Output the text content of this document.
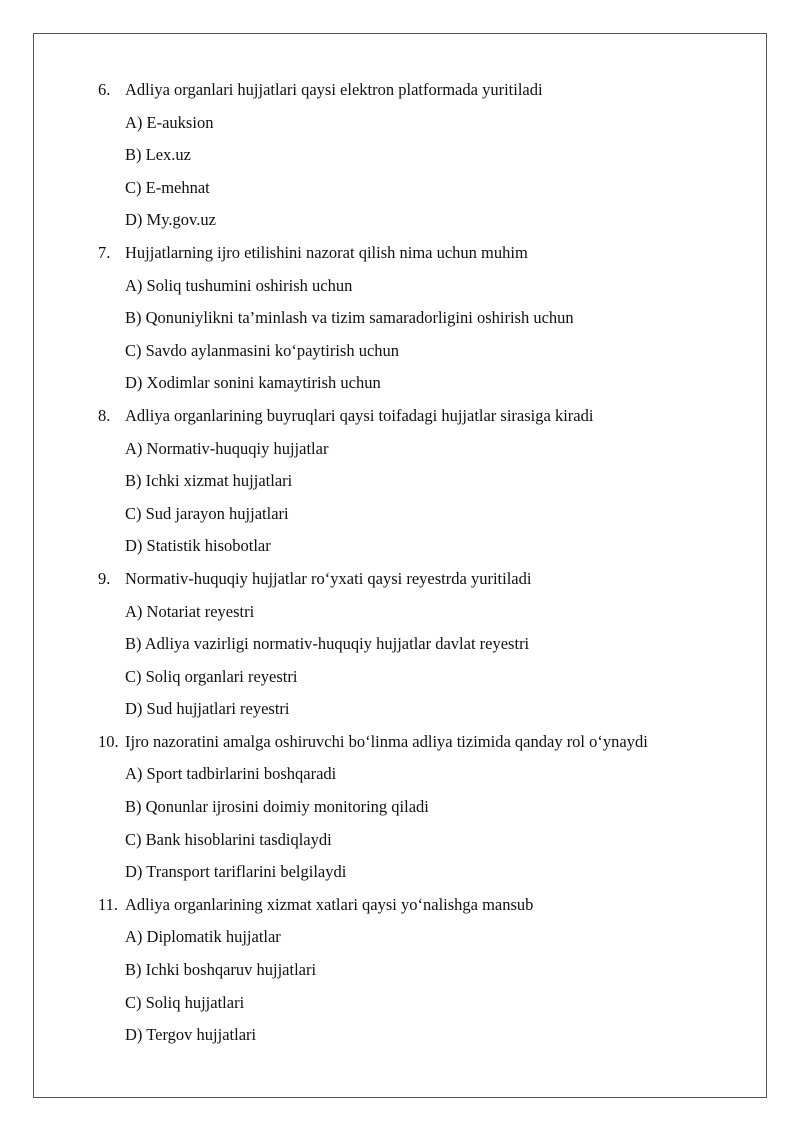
6. Adliya organlari hujjatlari qaysi elektron platformada yuritiladi
A) E-auksion
B) Lex.uz
C) E-mehnat
D) My.gov.uz
7. Hujjatlarning ijro etilishini nazorat qilish nima uchun muhim
A) Soliq tushumini oshirish uchun
B) Qonuniylikni ta’minlash va tizim samaradorligini oshirish uchun
C) Savdo aylanmasini ko‘paytirish uchun
D) Xodimlar sonini kamaytirish uchun
8. Adliya organlarining buyruqlari qaysi toifadagi hujjatlar sirasiga kiradi
A) Normativ-huquqiy hujjatlar
B) Ichki xizmat hujjatlari
C) Sud jarayon hujjatlari
D) Statistik hisobotlar
9. Normativ-huquqiy hujjatlar ro‘yxati qaysi reyestrda yuritiladi
A) Notariat reyestri
B) Adliya vazirligi normativ-huquqiy hujjatlar davlat reyestri
C) Soliq organlari reyestri
D) Sud hujjatlari reyestri
10. Ijro nazoratini amalga oshiruvchi bo‘linma adliya tizimida qanday rol o‘ynaydi
A) Sport tadbirlarini boshqaradi
B) Qonunlar ijrosini doimiy monitoring qiladi
C) Bank hisoblarini tasdiqlaydi
D) Transport tariflarini belgilaydi
11. Adliya organlarining xizmat xatlari qaysi yo‘nalishga mansub
A) Diplomatik hujjatlar
B) Ichki boshqaruv hujjatlari
C) Soliq hujjatlari
D) Tergov hujjatlari
